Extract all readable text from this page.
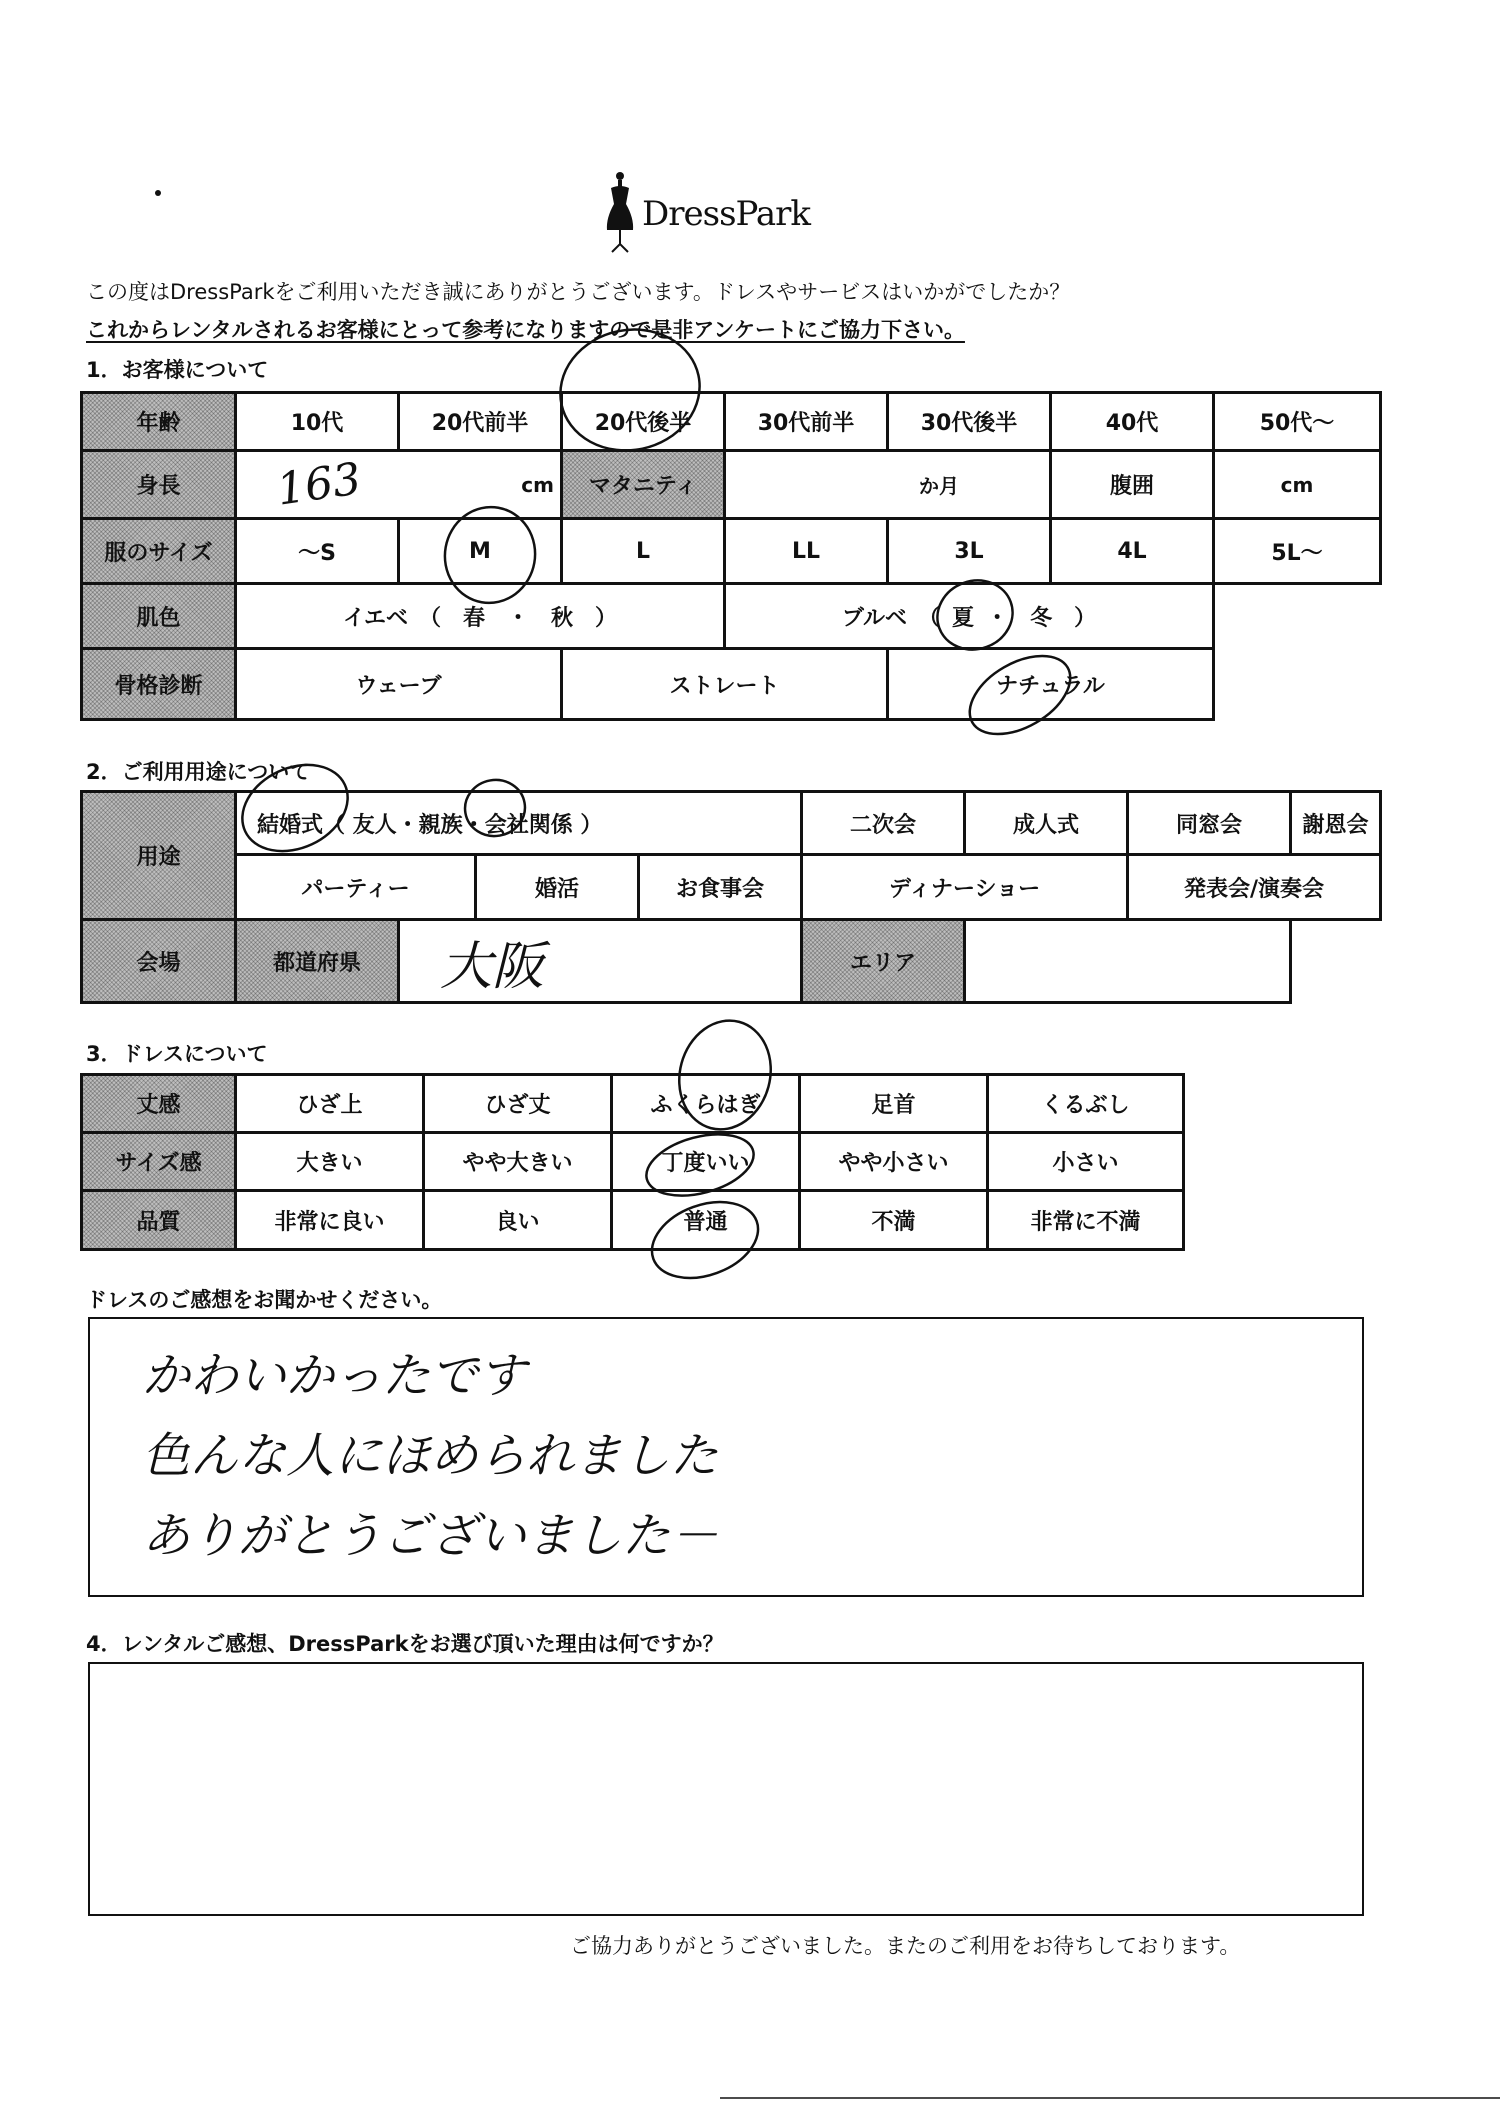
DressPark
この度はDressParkをご利用いただき誠にありがとうございます。ドレスやサービスはいかがでしたか？
これからレンタルされるお客様にとって参考になりますので是非アンケートにご協力下さい。
1．お客様について
年齢	10代	20代前半	20代後半	30代前半	30代後半	40代	50代～
身長	163	cm	マタニティ	か月	腹囲	cm
服のサイズ	～S	M	L	LL	3L	4L	5L～
肌色	イエベ　（　春　・　秋　）	ブルベ　（ 夏 ・　冬　）
骨格診断	ウェーブ	ストレート	ナチュラル
2．ご利用用途について
用途
結婚式（ 友人・ 親族 ・会社関係 ）	二次会	成人式	同窓会	謝恩会
パーティー	婚活	お食事会	ディナーショー	発表会/演奏会
会場	都道府県	大阪	エリア
3．ドレスについて
丈感	ひざ上	ひざ丈	ふくらはぎ	足首	くるぶし
サイズ感	大きい	やや大きい	丁度いい	やや小さい	小さい
品質	非常に良い	良い	普通	不満	非常に不満
ドレスのご感想をお聞かせください。
かわいかったです
色んな人にほめられました
ありがとうございました－
4．レンタルご感想、DressParkをお選び頂いた理由は何ですか？
ご協力ありがとうございました。またのご利用をお待ちしております。
